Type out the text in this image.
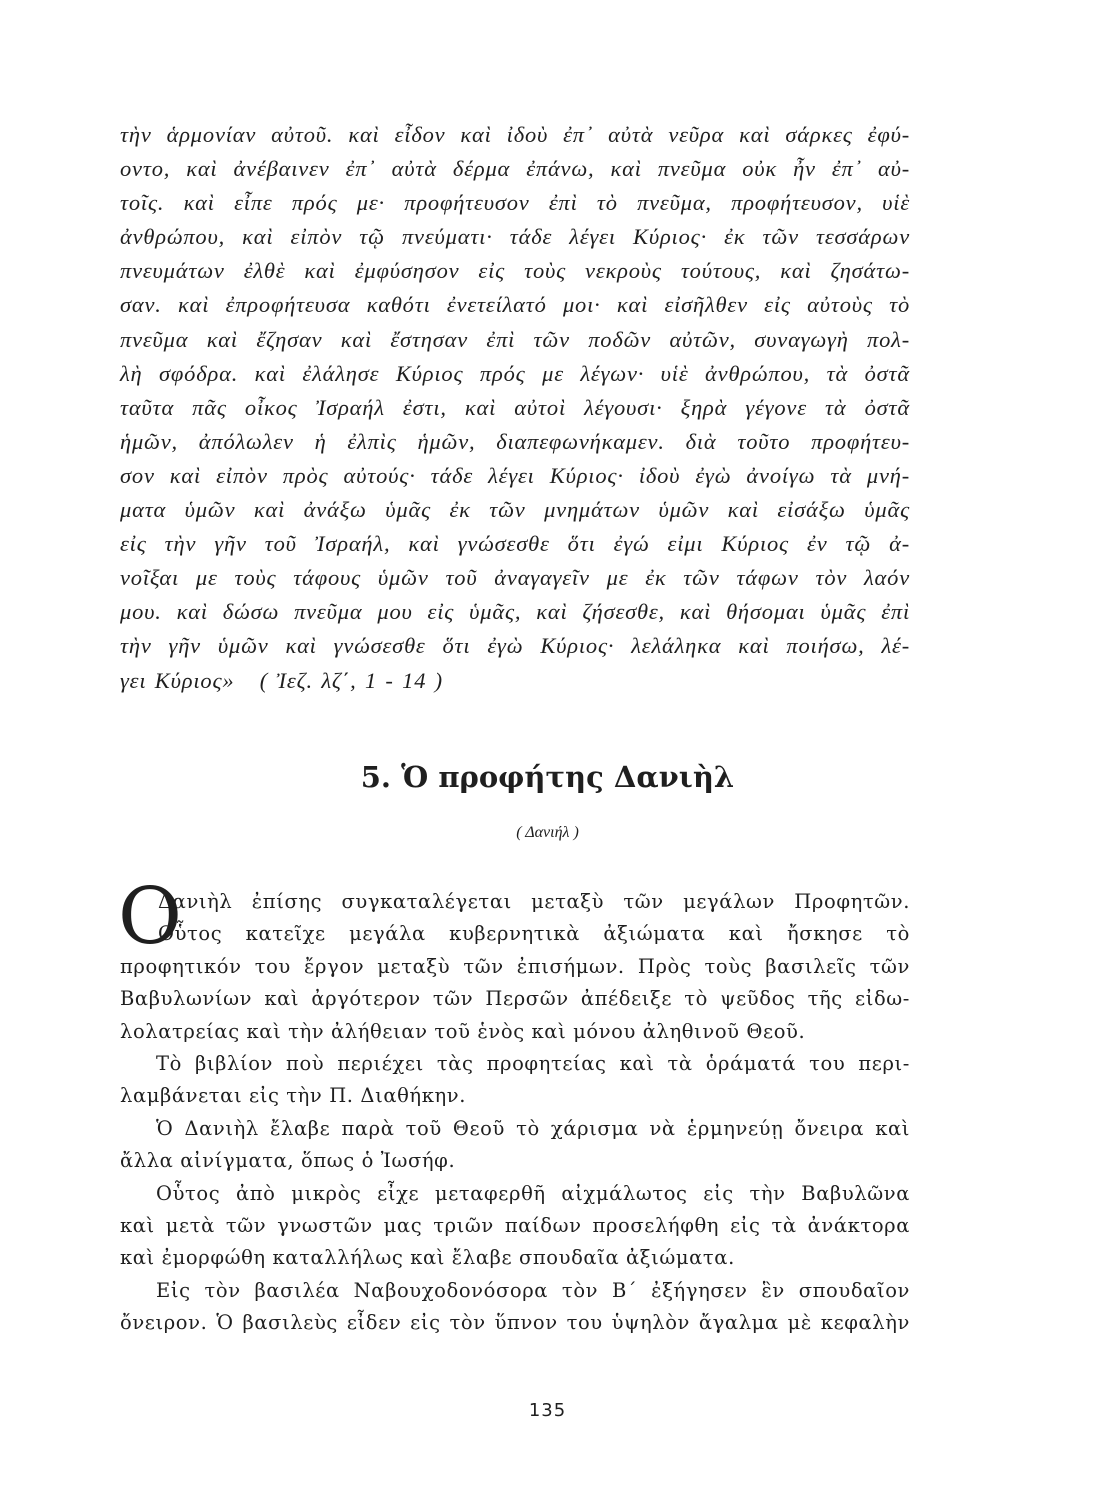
τὴν ἁρμονίαν αὐτοῦ. καὶ εἶδον καὶ ἰδοὺ ἐπ᾽ αὐτὰ νεῦρα καὶ σάρκες ἐφύ-
οντο, καὶ ἀνέβαινεν ἐπ᾽ αὐτὰ δέρμα ἐπάνω, καὶ πνεῦμα οὐκ ἦν ἐπ᾽ αὐ-
τοῖς. καὶ εἶπε πρός με· προφήτευσον ἐπὶ τὸ πνεῦμα, προφήτευσον, υἱὲ
ἀνθρώπου, καὶ εἰπὸν τῷ πνεύματι· τάδε λέγει Κύριος· ἐκ τῶν τεσσάρων
πνευμάτων ἐλθὲ καὶ ἐμφύσησον εἰς τοὺς νεκροὺς τούτους, καὶ ζησάτω-
σαν. καὶ ἐπροφήτευσα καθότι ἐνετείλατό μοι· καὶ εἰσῆλθεν εἰς αὐτοὺς τὸ
πνεῦμα καὶ ἔζησαν καὶ ἔστησαν ἐπὶ τῶν ποδῶν αὐτῶν, συναγωγὴ πολ-
λὴ σφόδρα. καὶ ἐλάλησε Κύριος πρός με λέγων· υἱὲ ἀνθρώπου, τὰ ὀστᾶ
ταῦτα πᾶς οἶκος Ἰσραήλ ἐστι, καὶ αὐτοὶ λέγουσι· ξηρὰ γέγονε τὰ ὀστᾶ
ἡμῶν, ἀπόλωλεν ἡ ἐλπὶς ἡμῶν, διαπεφωνήκαμεν. διὰ τοῦτο προφήτευ-
σον καὶ εἰπὸν πρὸς αὐτούς· τάδε λέγει Κύριος· ἰδοὺ ἐγὼ ἀνοίγω τὰ μνή-
ματα ὑμῶν καὶ ἀνάξω ὑμᾶς ἐκ τῶν μνημάτων ὑμῶν καὶ εἰσάξω ὑμᾶς
εἰς τὴν γῆν τοῦ Ἰσραήλ, καὶ γνώσεσθε ὅτι ἐγώ εἰμι Κύριος ἐν τῷ ἀ-
νοῖξαι με τοὺς τάφους ὑμῶν τοῦ ἀναγαγεῖν με ἐκ τῶν τάφων τὸν λαόν
μου. καὶ δώσω πνεῦμα μου εἰς ὑμᾶς, καὶ ζήσεσθε, καὶ θήσομαι ὑμᾶς ἐπὶ
τὴν γῆν ὑμῶν καὶ γνώσεσθε ὅτι ἐγὼ Κύριος· λελάληκα καὶ ποιήσω, λέ-
γει Κύριος» ( Ἰεζ. λζ΄, 1 - 14 )
5. Ὁ προφήτης Δανιὴλ
( Δανιήλ )
Ο
Δανιὴλ ἐπίσης συγκαταλέγεται μεταξὺ τῶν μεγάλων Προφητῶν.
Οὗτος κατεῖχε μεγάλα κυβερνητικὰ ἀξιώματα καὶ ἤσκησε τὸ
προφητικόν του ἔργον μεταξὺ τῶν ἐπισήμων. Πρὸς τοὺς βασιλεῖς τῶν
Βαβυλωνίων καὶ ἀργότερον τῶν Περσῶν ἀπέδειξε τὸ ψεῦδος τῆς εἰδω-
λολατρείας καὶ τὴν ἀλήθειαν τοῦ ἑνὸς καὶ μόνου ἀληθινοῦ Θεοῦ.
Τὸ βιβλίον ποὺ περιέχει τὰς προφητείας καὶ τὰ ὁράματά του περι-
λαμβάνεται εἰς τὴν Π. Διαθήκην.
Ὁ Δανιὴλ ἔλαβε παρὰ τοῦ Θεοῦ τὸ χάρισμα νὰ ἑρμηνεύῃ ὄνειρα καὶ
ἄλλα αἰνίγματα, ὅπως ὁ Ἰωσήφ.
Οὗτος ἀπὸ μικρὸς εἶχε μεταφερθῆ αἰχμάλωτος εἰς τὴν Βαβυλῶνα
καὶ μετὰ τῶν γνωστῶν μας τριῶν παίδων προσελήφθη εἰς τὰ ἀνάκτορα
καὶ ἐμορφώθη καταλλήλως καὶ ἔλαβε σπουδαῖα ἀξιώματα.
Εἰς τὸν βασιλέα Ναβουχοδονόσορα τὸν Β΄ ἐξήγησεν ἓν σπουδαῖον
ὄνειρον. Ὁ βασιλεὺς εἶδεν εἰς τὸν ὕπνον του ὑψηλὸν ἄγαλμα μὲ κεφαλὴν
135
